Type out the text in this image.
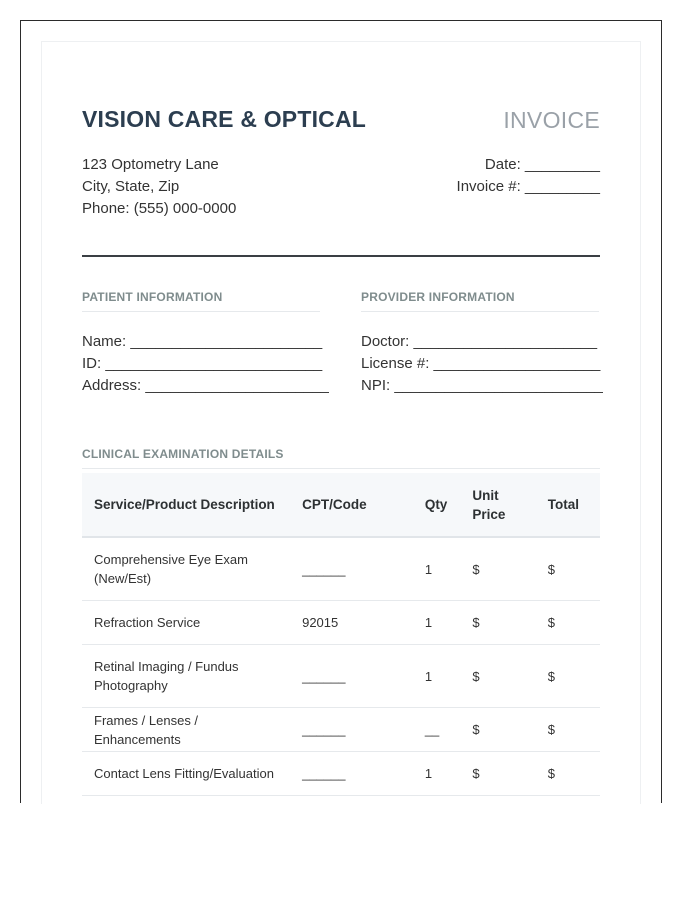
VISION CARE & OPTICAL	INVOICE
123 Optometry Lane
City, State, Zip
Phone: (555) 000-0000
Date: _________
Invoice #: _________
PATIENT INFORMATION
Name: _______________________
ID: __________________________
Address: ______________________
PROVIDER INFORMATION
Doctor: ______________________
License #: ____________________
NPI: _________________________
CLINICAL EXAMINATION DETAILS
Service/Product Description	CPT/Code	Qty	Unit Price	Total
Comprehensive Eye Exam (New/Est)	______	1	$	$
Refraction Service	92015	1	$	$
Retinal Imaging / Fundus Photography	______	1	$	$
Frames / Lenses / Enhancements	______	__	$	$
Contact Lens Fitting/Evaluation	______	1	$	$
